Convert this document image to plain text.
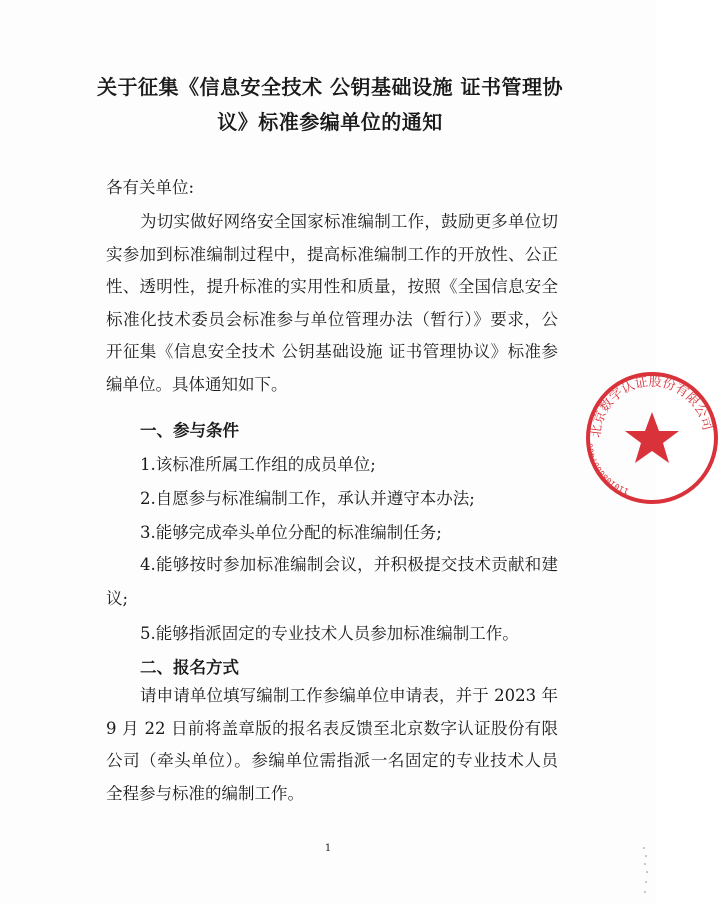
关于征集《信息安全技术 公钥基础设施 证书管理协议》标准参编单位的通知
各有关单位:

为切实做好网络安全国家标准编制工作，鼓励更多单位切实参加到标准编制过程中，提高标准编制工作的开放性、公正性、透明性，提升标准的实用性和质量，按照《全国信息安全标准化技术委员会标准参与单位管理办法（暂行）》要求，公开征集《信息安全技术 公钥基础设施 证书管理协议》标准参编单位。具体通知如下。

一、参与条件
1.该标准所属工作组的成员单位;
2.自愿参与标准编制工作，承认并遵守本办法;
3.能够完成牵头单位分配的标准编制任务;

4.能够按时参加标准编制会议，并积极提交技术贡献和建议;

5.能够指派固定的专业技术人员参加标准编制工作。
二、报名方式

请申请单位填写编制工作参编单位申请表，并于 2023 年 9 月 22 日前将盖章版的报名表反馈至北京数字认证股份有限公司（牵头单位）。参编单位需指派一名固定的专业技术人员全程参与标准的编制工作。

1
北京数字认证股份有限公司
1101080007406
